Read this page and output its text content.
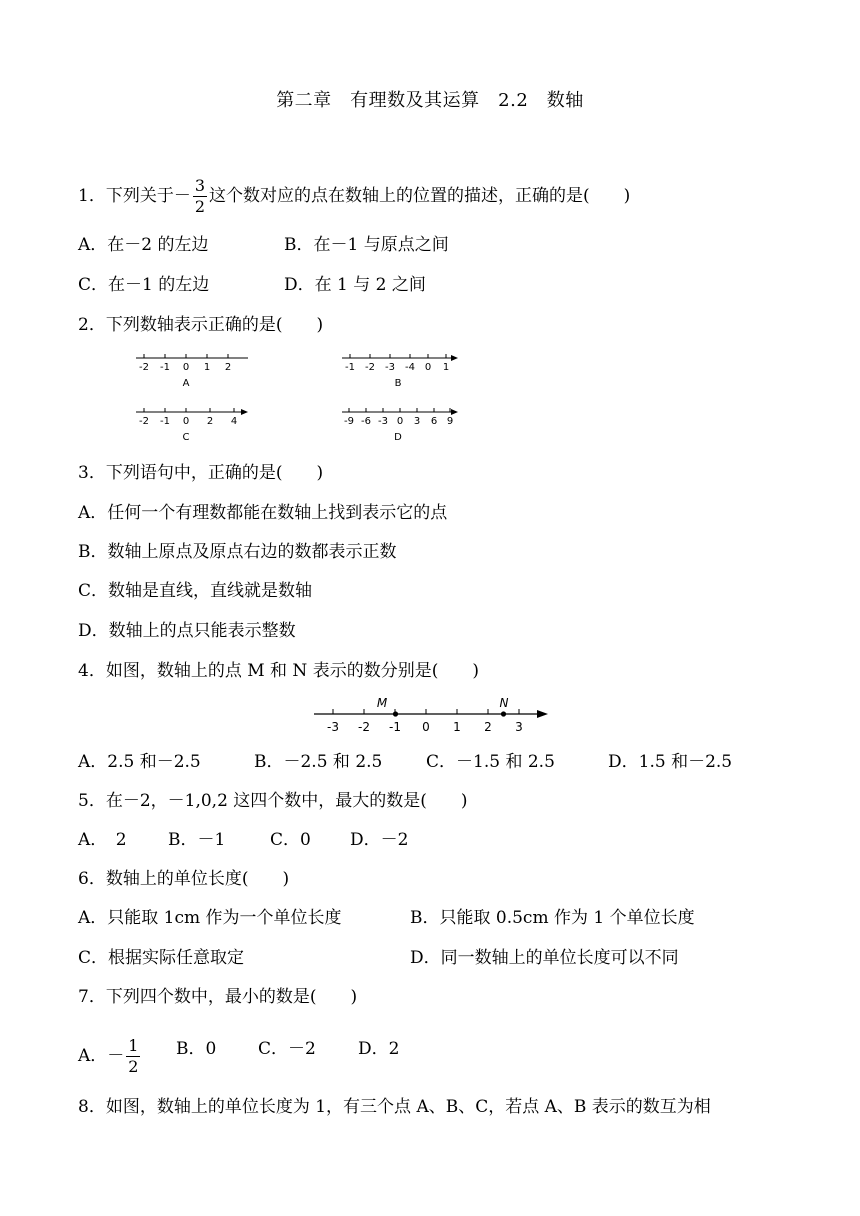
第二章　有理数及其运算　2.2　数轴
1．下列关于－ $\frac{3}{2}$ 这个数对应的点在数轴上的位置的描述，正确的是(　　)
A．在－2 的左边	B．在－1 与原点之间
C．在－1 的左边	D．在 1 与 2 之间
2．下列数轴表示正确的是(　　)
-2 -1 0 1 2
A
-1 -2 -3 -4 0 1
B
-2 -1 0 2 4
C
-9 -6 -3 0 3 6 9
D
3．下列语句中，正确的是(　　)
A．任何一个有理数都能在数轴上找到表示它的点
B．数轴上原点及原点右边的数都表示正数
C．数轴是直线，直线就是数轴
D．数轴上的点只能表示整数
4．如图，数轴上的点 M 和 N 表示的数分别是(　　)
-3 -2 -1 0 1 2 3
M	N
A．2.5 和－2.5	B．－2.5 和 2.5	C．－1.5 和 2.5	D．1.5 和－2.5
5．在－2，－1,0,2 这四个数中，最大的数是(　　)
A．　2 B．－1	C．0 D．－2
6．数轴上的单位长度(　　)
A．只能取 1cm 作为一个单位长度	B．只能取 0.5cm 作为 1 个单位长度
C．根据实际任意取定	D．同一数轴上的单位长度可以不同
7．下列四个数中，最小的数是(　　)
A．－ $\frac{1}{2}$ B．0 C．－2 D．2
8．如图，数轴上的单位长度为 1，有三个点 A、B、C，若点 A、B 表示的数互为相
